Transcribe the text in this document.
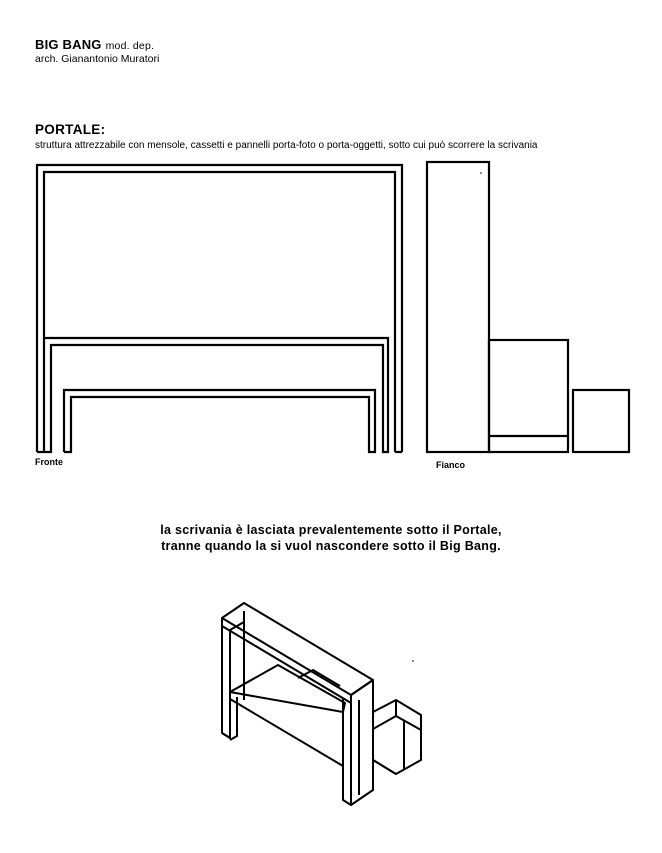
BIG BANG mod. dep.
arch. Gianantonio Muratori
PORTALE:
struttura attrezzabile con mensole, cassetti e pannelli porta-foto o porta-oggetti, sotto cui può scorrere la scrivania
Fronte	Fianco
la scrivania è lasciata prevalentemente sotto il Portale,
tranne quando la si vuol nascondere sotto il Big Bang.
